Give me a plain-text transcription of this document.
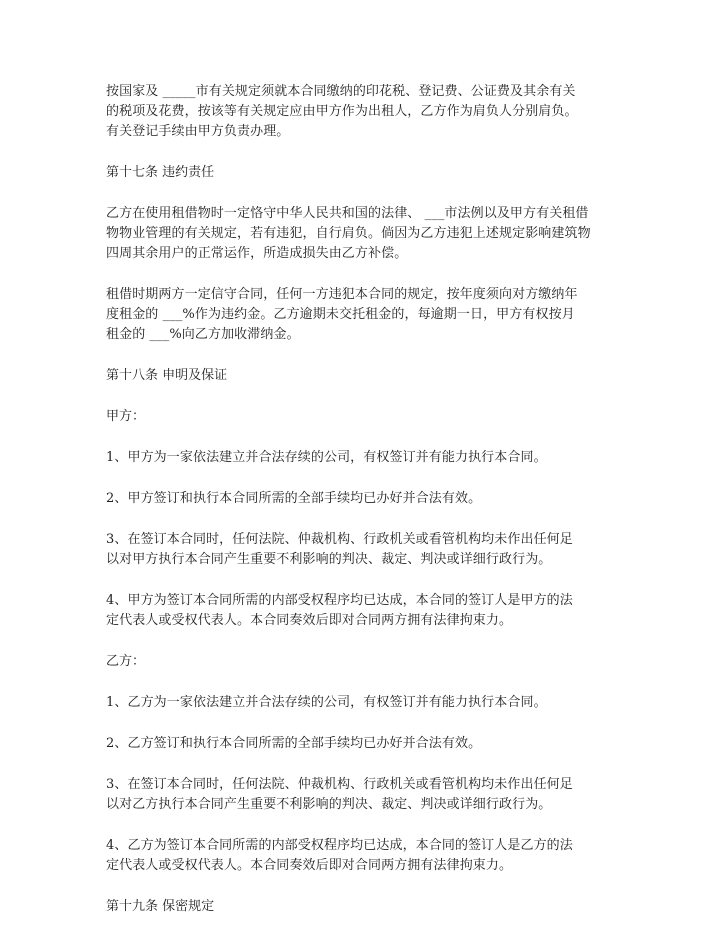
按国家及 _____市有关规定须就本合同缴纳的印花税、登记费、公证费及其余有关
的税项及花费，按该等有关规定应由甲方作为出租人，乙方作为肩负人分别肩负。
有关登记手续由甲方负责办理。
第十七条 违约责任
乙方在使用租借物时一定恪守中华人民共和国的法律、 ___市法例以及甲方有关租借
物物业管理的有关规定，若有违犯，自行肩负。倘因为乙方违犯上述规定影响建筑物
四周其余用户的正常运作，所造成损失由乙方补偿。
租借时期两方一定信守合同，任何一方违犯本合同的规定，按年度须向对方缴纳年
度租金的 ___%作为违约金。乙方逾期未交托租金的，每逾期一日，甲方有权按月
租金的 ___%向乙方加收滞纳金。
第十八条 申明及保证
甲方：
1、甲方为一家依法建立并合法存续的公司，有权签订并有能力执行本合同。
2、甲方签订和执行本合同所需的全部手续均已办好并合法有效。
3、在签订本合同时，任何法院、仲裁机构、行政机关或看管机构均未作出任何足
以对甲方执行本合同产生重要不利影响的判决、裁定、判决或详细行政行为。
4、甲方为签订本合同所需的内部受权程序均已达成，本合同的签订人是甲方的法
定代表人或受权代表人。本合同奏效后即对合同两方拥有法律拘束力。
乙方：
1、乙方为一家依法建立并合法存续的公司，有权签订并有能力执行本合同。
2、乙方签订和执行本合同所需的全部手续均已办好并合法有效。
3、在签订本合同时，任何法院、仲裁机构、行政机关或看管机构均未作出任何足
以对乙方执行本合同产生重要不利影响的判决、裁定、判决或详细行政行为。
4、乙方为签订本合同所需的内部受权程序均已达成，本合同的签订人是乙方的法
定代表人或受权代表人。本合同奏效后即对合同两方拥有法律拘束力。
第十九条 保密规定
